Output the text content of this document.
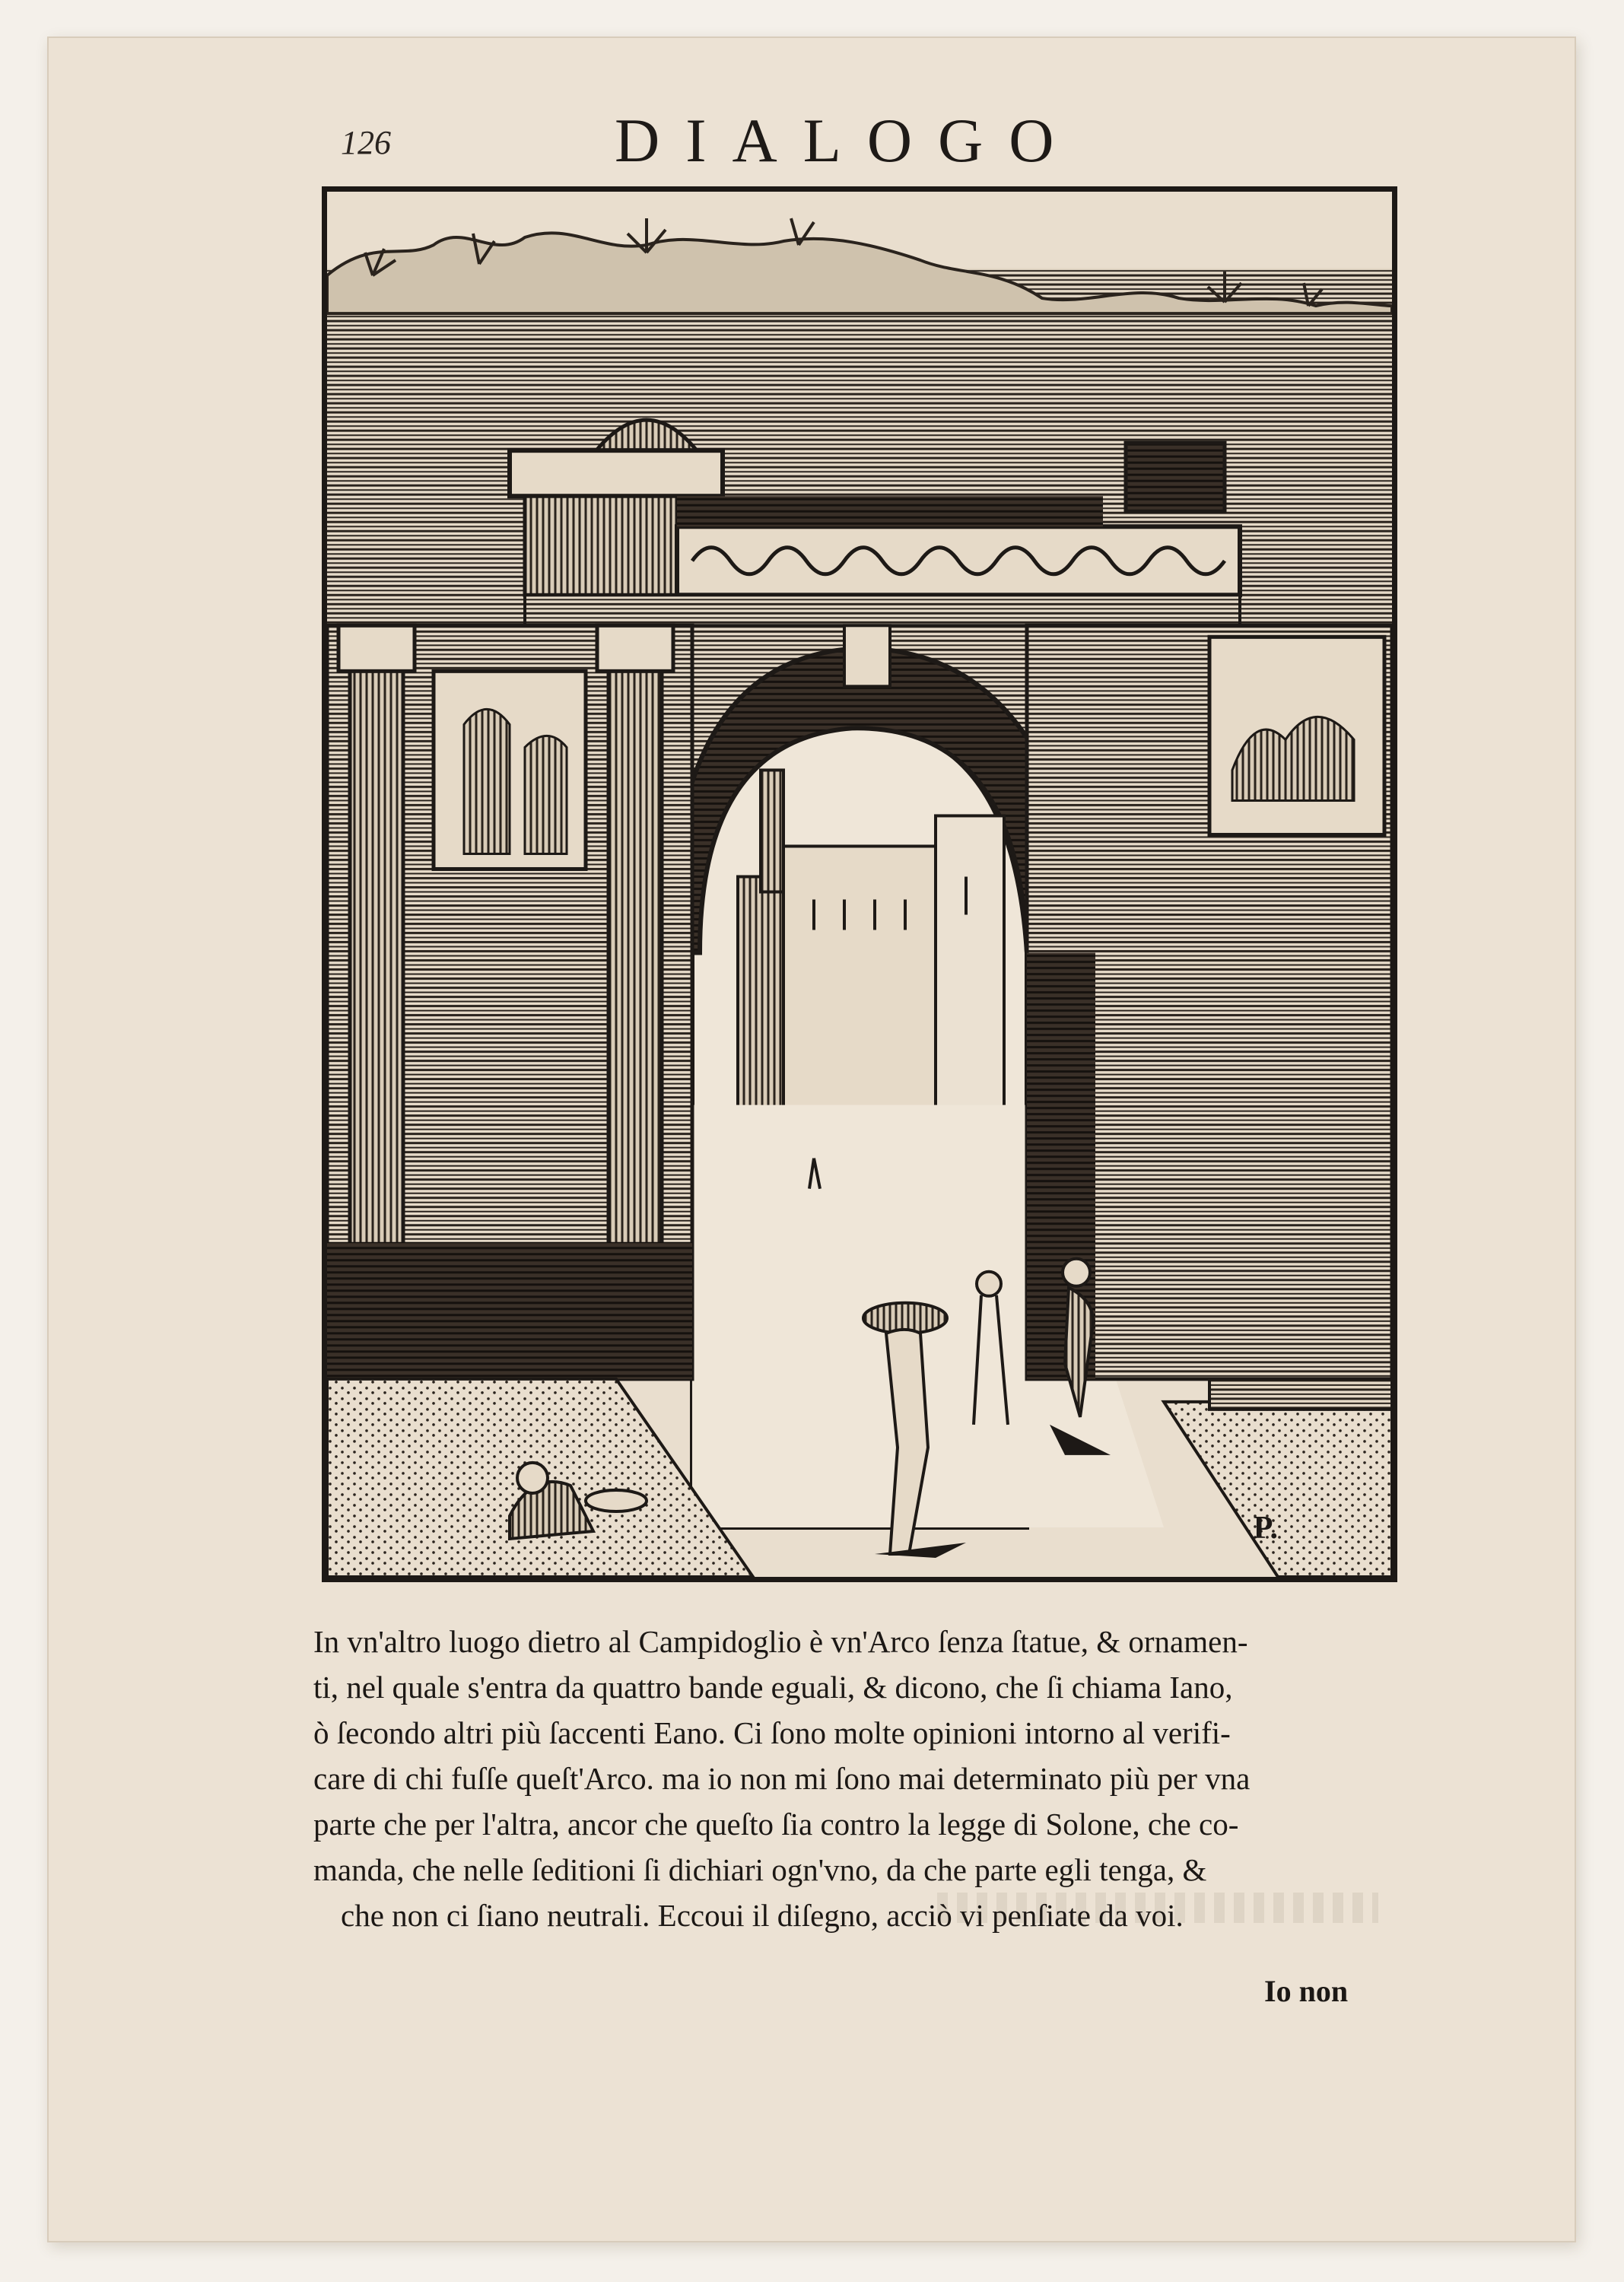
126	DIALOGO
P.

In vn'altro luogo dietro al Campidoglio è vn'Arco ſenza ſtatue, & ornamen-
ti, nel quale s'entra da quattro bande eguali, & dicono, che ſi chiama Iano,
ò ſecondo altri più ſaccenti Eano. Ci ſono molte opinioni intorno al verifi-
care di chi fuſſe queſt'Arco. ma io non mi ſono mai determinato più per vna
parte che per l'altra, ancor che queſto ſia contro la legge di Solone, che co-
manda, che nelle ſeditioni ſi dichiari ogn'vno, da che parte egli tenga, &
che non ci ſiano neutrali. Eccoui il diſegno, acciò vi penſiate da voi.

Io non
